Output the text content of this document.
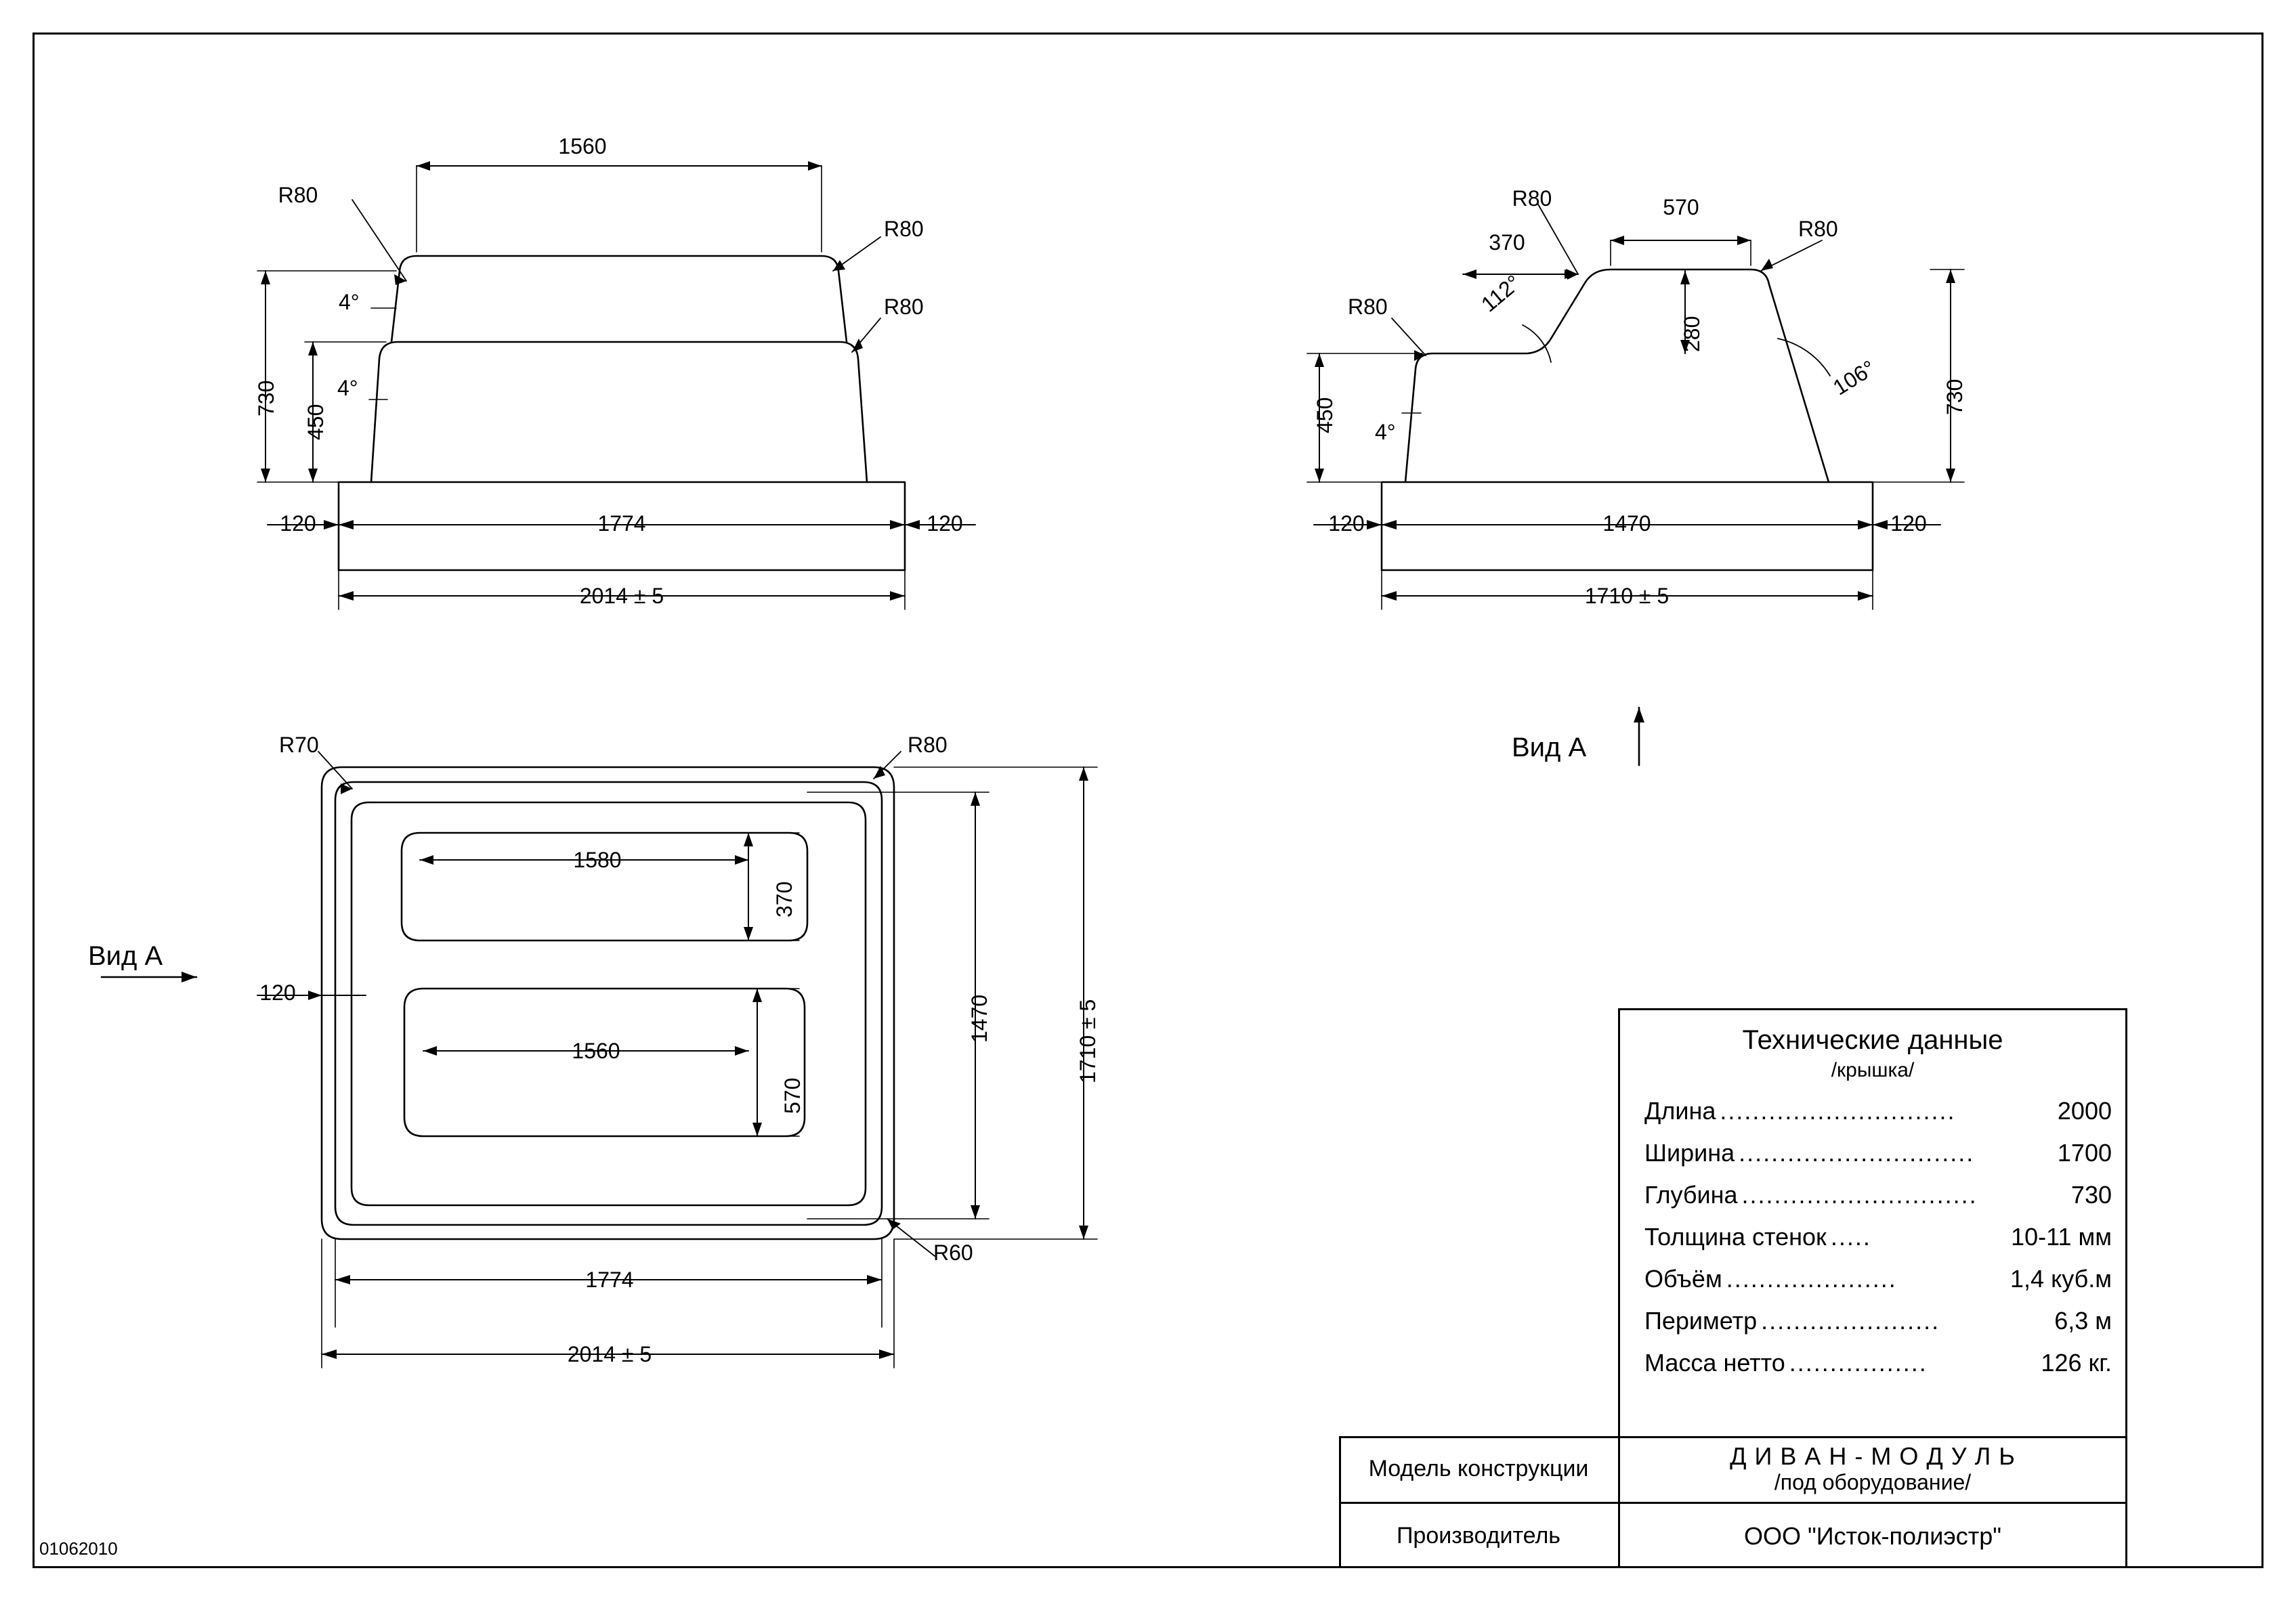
1560
R80
R80
R80
730
450
4°
4°
1774
120	120
2014 ± 5
R80	570
R80
370
R80	112°
280
730
450
106°
4°
1470
120	120
1710 ± 5
Вид А
R70	R80
R60
1580
370
1560
570
1470	1710 ± 5
1774
2014 ± 5
120
Вид А
Технические данные
/крышка/
Длина .............................	2000
Ширина .............................	1700
Глубина .............................	730
Толщина стенок .....	10-11 мм
Объём .....................	1,4 куб.м
Периметр ......................	6,3 м
Масса нетто .................	126 кг.
Модель конструкции	Д И В А Н - М О Д У Л Ь
/под оборудование/
Производитель	ООО "Исток-полиэстр"
01062010
